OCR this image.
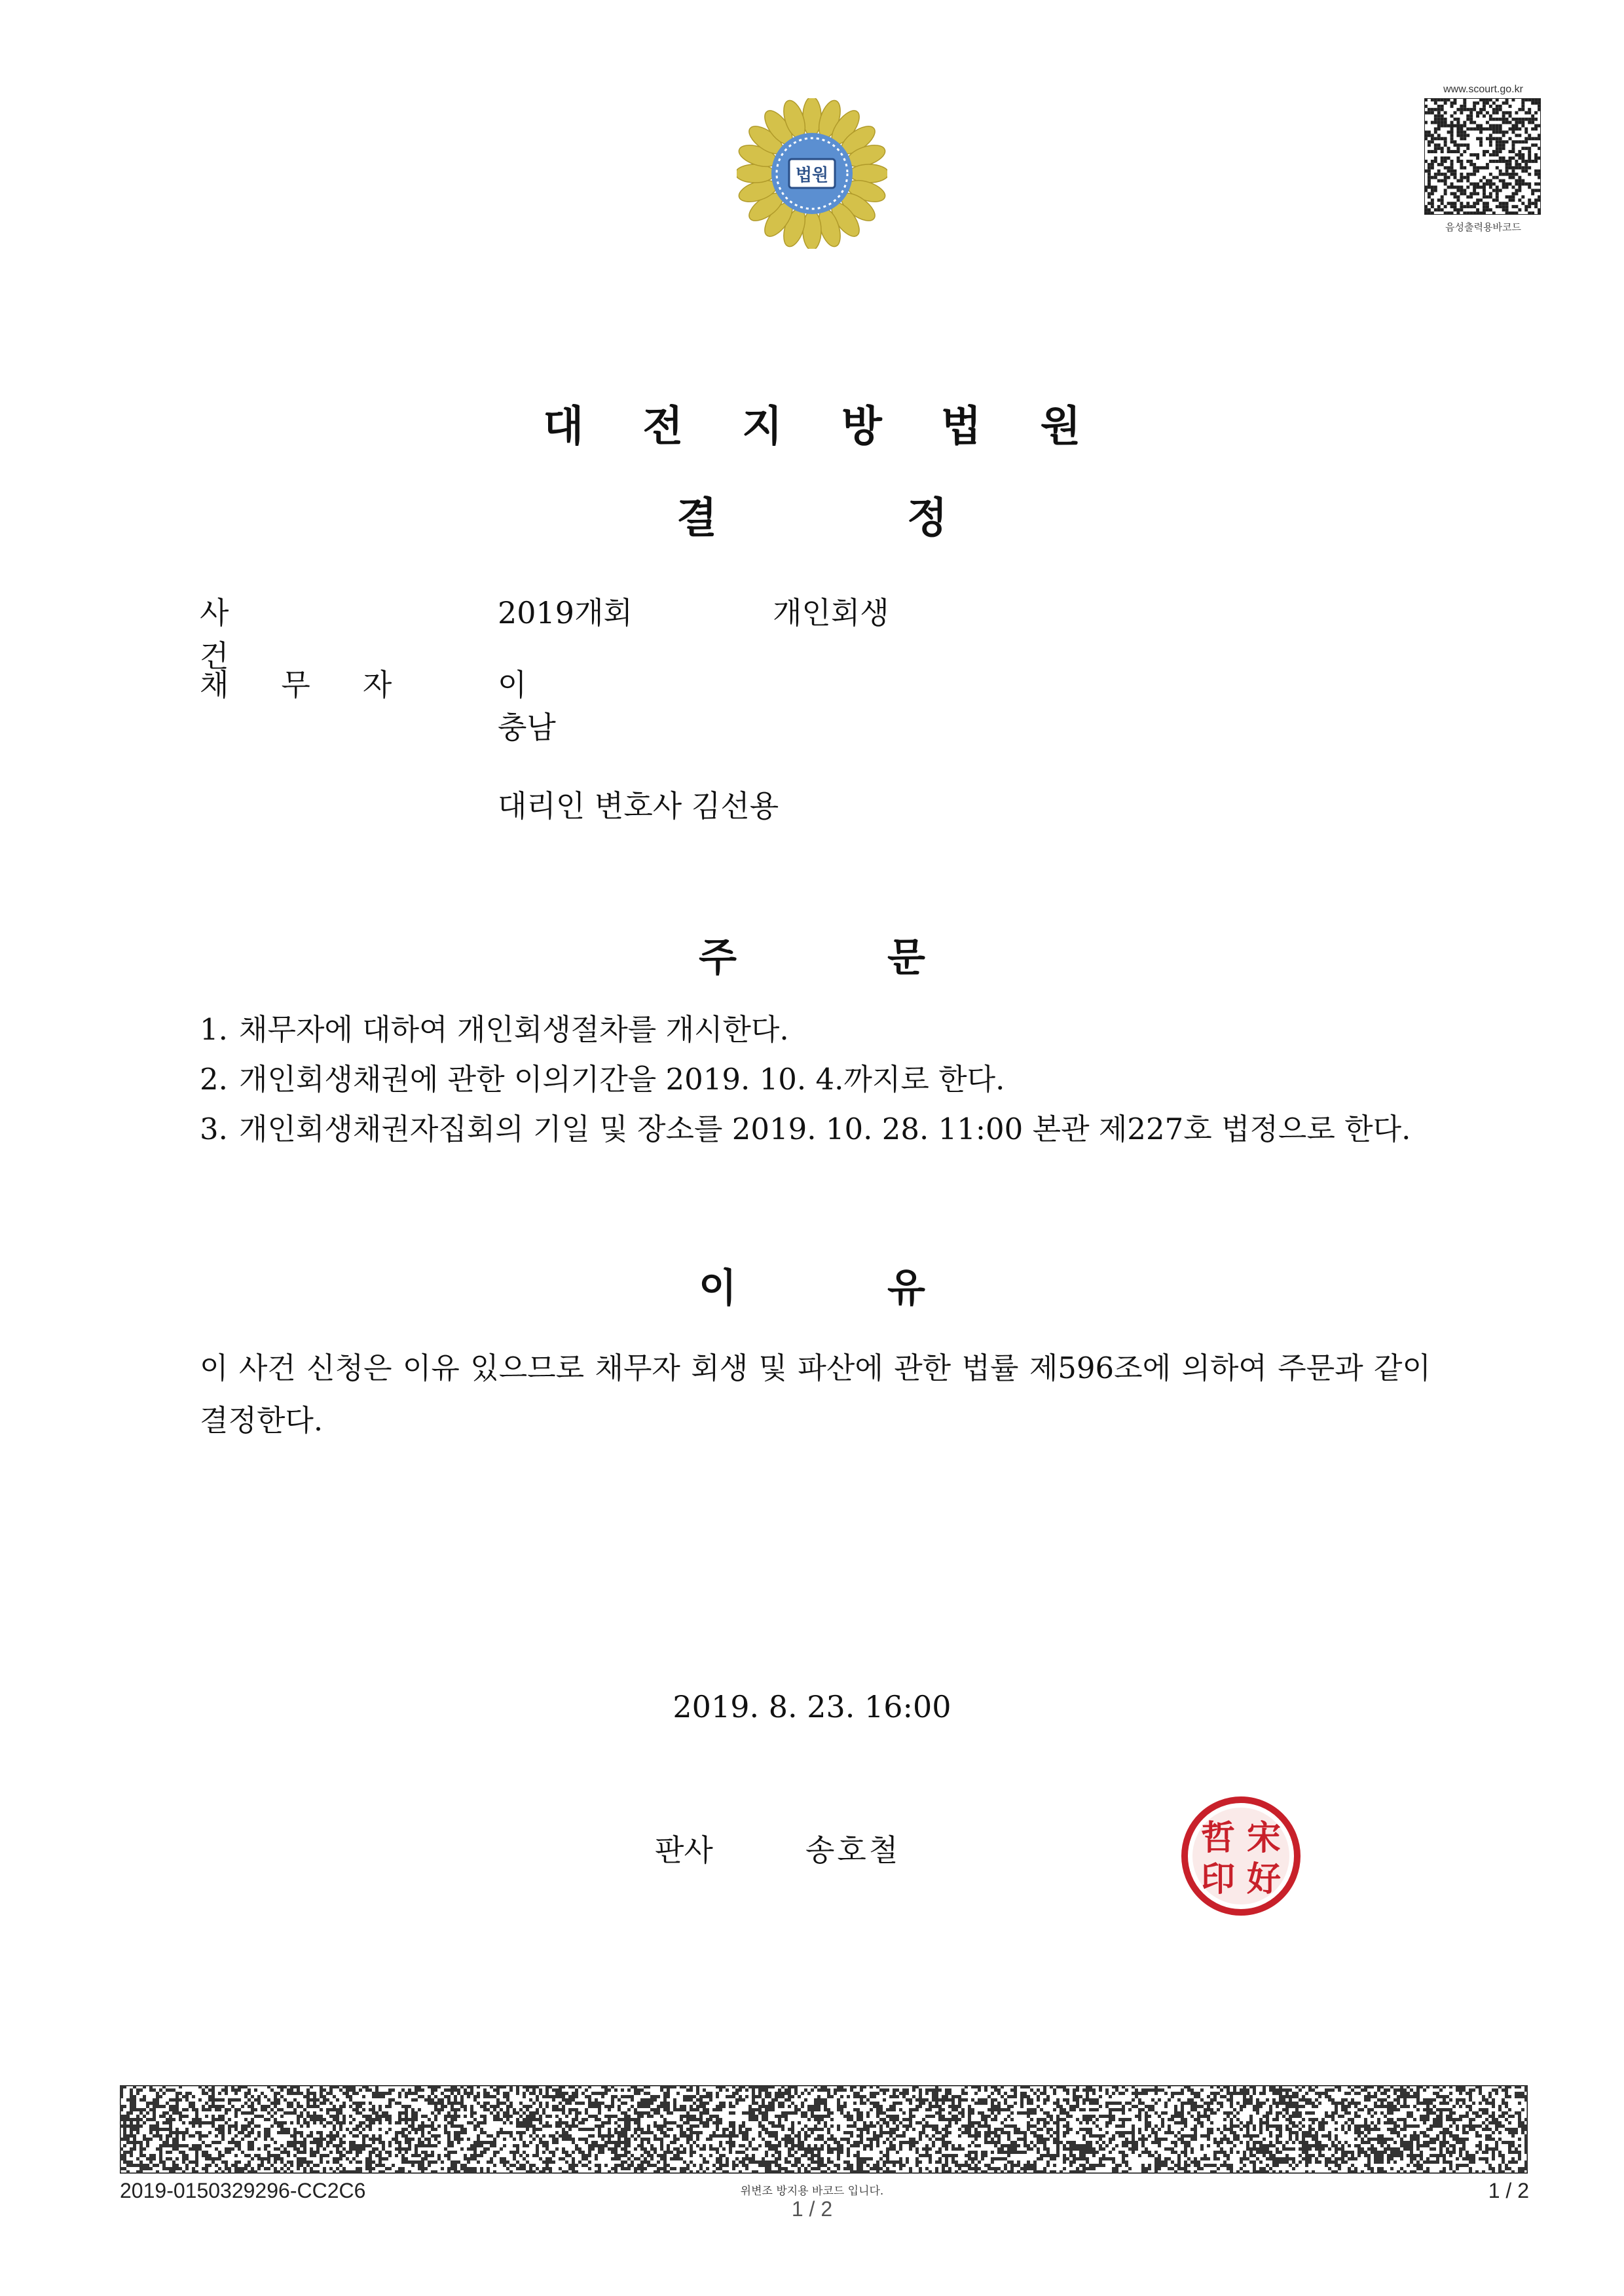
법원
www.scourt.go.kr
음성출력용바코드
대전지방법원
결정
사건
2019개회	개인회생
채무자 이
충남
대리인 변호사 김선용
주문
1. 채무자에 대하여 개인회생절차를 개시한다.
2. 개인회생채권에 관한 이의기간을 2019. 10. 4.까지로 한다.
3. 개인회생채권자집회의 기일 및 장소를 2019. 10. 28. 11:00 본관 제227호 법정으로 한다.
이유
이 사건 신청은 이유 있으므로 채무자 회생 및 파산에 관한 법률 제596조에 의하여 주문과 같이 결정한다.
2019. 8. 23. 16:00
판사	송호철	哲 宋
印 好
2019-0150329296-CC2C6	위변조 방지용 바코드 입니다.
1 / 2
1 / 2
